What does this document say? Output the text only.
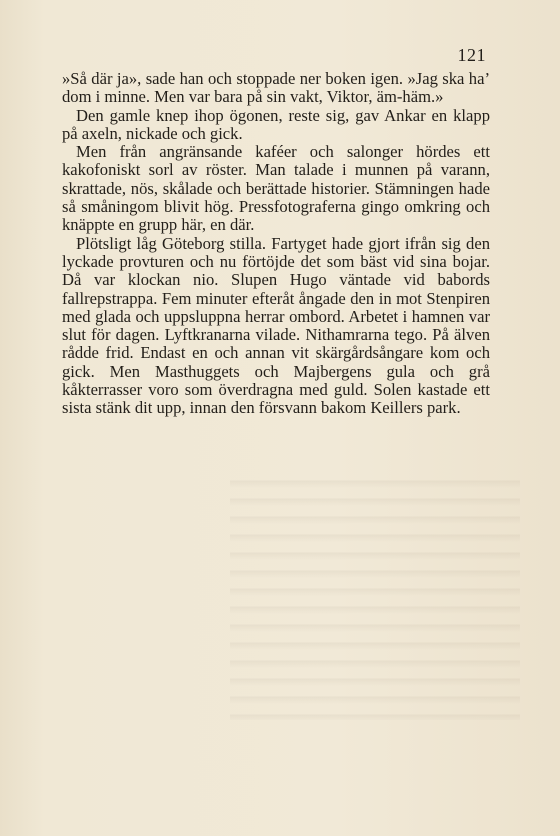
121

»Så där ja», sade han och stoppade ner boken igen. »Jag ska ha’ dom i minne. Men var bara på sin vakt, Viktor, äm-häm.»

Den gamle knep ihop ögonen, reste sig, gav Ankar en klapp på axeln, nickade och gick.

Men från angränsande kaféer och salonger hördes ett kakofoniskt sorl av röster. Man talade i munnen på varann, skrattade, nös, skålade och berättade historier. Stämningen hade så småningom blivit hög. Pressfotograferna gingo omkring och knäppte en grupp här, en där.

Plötsligt låg Göteborg stilla. Fartyget hade gjort ifrån sig den lyckade provturen och nu förtöjde det som bäst vid sina bojar. Då var klockan nio. Slupen Hugo väntade vid babords fallrepstrappa. Fem minuter efteråt ångade den in mot Stenpiren med glada och uppsluppna herrar ombord. Arbetet i hamnen var slut för dagen. Lyftkranarna vilade. Nithamrarna tego. På älven rådde frid. Endast en och annan vit skärgårdsångare kom och gick. Men Masthuggets och Majbergens gula och grå kåkterrasser voro som överdragna med guld. Solen kastade ett sista stänk dit upp, innan den försvann bakom Keillers park.
